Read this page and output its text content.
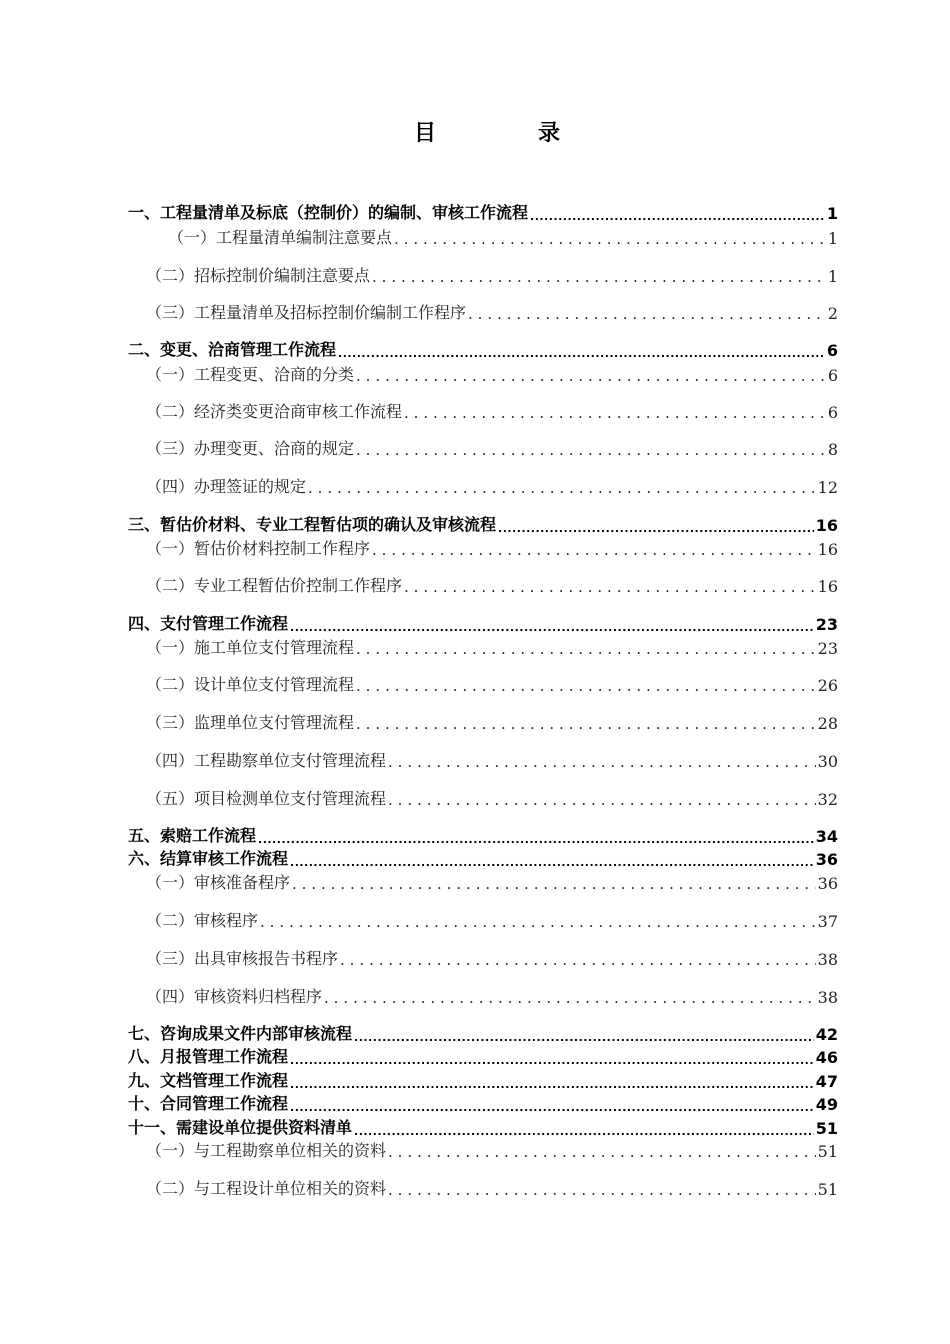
目　录
一、工程量清单及标底（控制价）的编制、审核工作流程 .....	1
（一）工程量清单编制注意要点 .....	1
（二）招标控制价编制注意要点 .....	1
（三）工程量清单及招标控制价编制工作程序 .....	2
二、变更、洽商管理工作流程 .....	6
（一）工程变更、洽商的分类 .....	6
（二）经济类变更洽商审核工作流程 .....	6
（三）办理变更、洽商的规定 .....	8
（四）办理签证的规定 .....	12
三、暂估价材料、专业工程暂估项的确认及审核流程 .....	16
（一）暂估价材料控制工作程序 .....	16
（二）专业工程暂估价控制工作程序 .....	16
四、支付管理工作流程 .....	23
（一）施工单位支付管理流程 .....	23
（二）设计单位支付管理流程 .....	26
（三）监理单位支付管理流程 .....	28
（四）工程勘察单位支付管理流程 .....	30
（五）项目检测单位支付管理流程 .....	32
五、索赔工作流程 .....	34
六、结算审核工作流程 .....	36
（一）审核准备程序 .....	36
（二）审核程序 .....	37
（三）出具审核报告书程序 .....	38
（四）审核资料归档程序 .....	38
七、咨询成果文件内部审核流程 .....	42
八、月报管理工作流程 .....	46
九、文档管理工作流程 .....	47
十、合同管理工作流程 .....	49
十一、需建设单位提供资料清单 .....	51
（一）与工程勘察单位相关的资料 .....	51
（二）与工程设计单位相关的资料 .....	51
